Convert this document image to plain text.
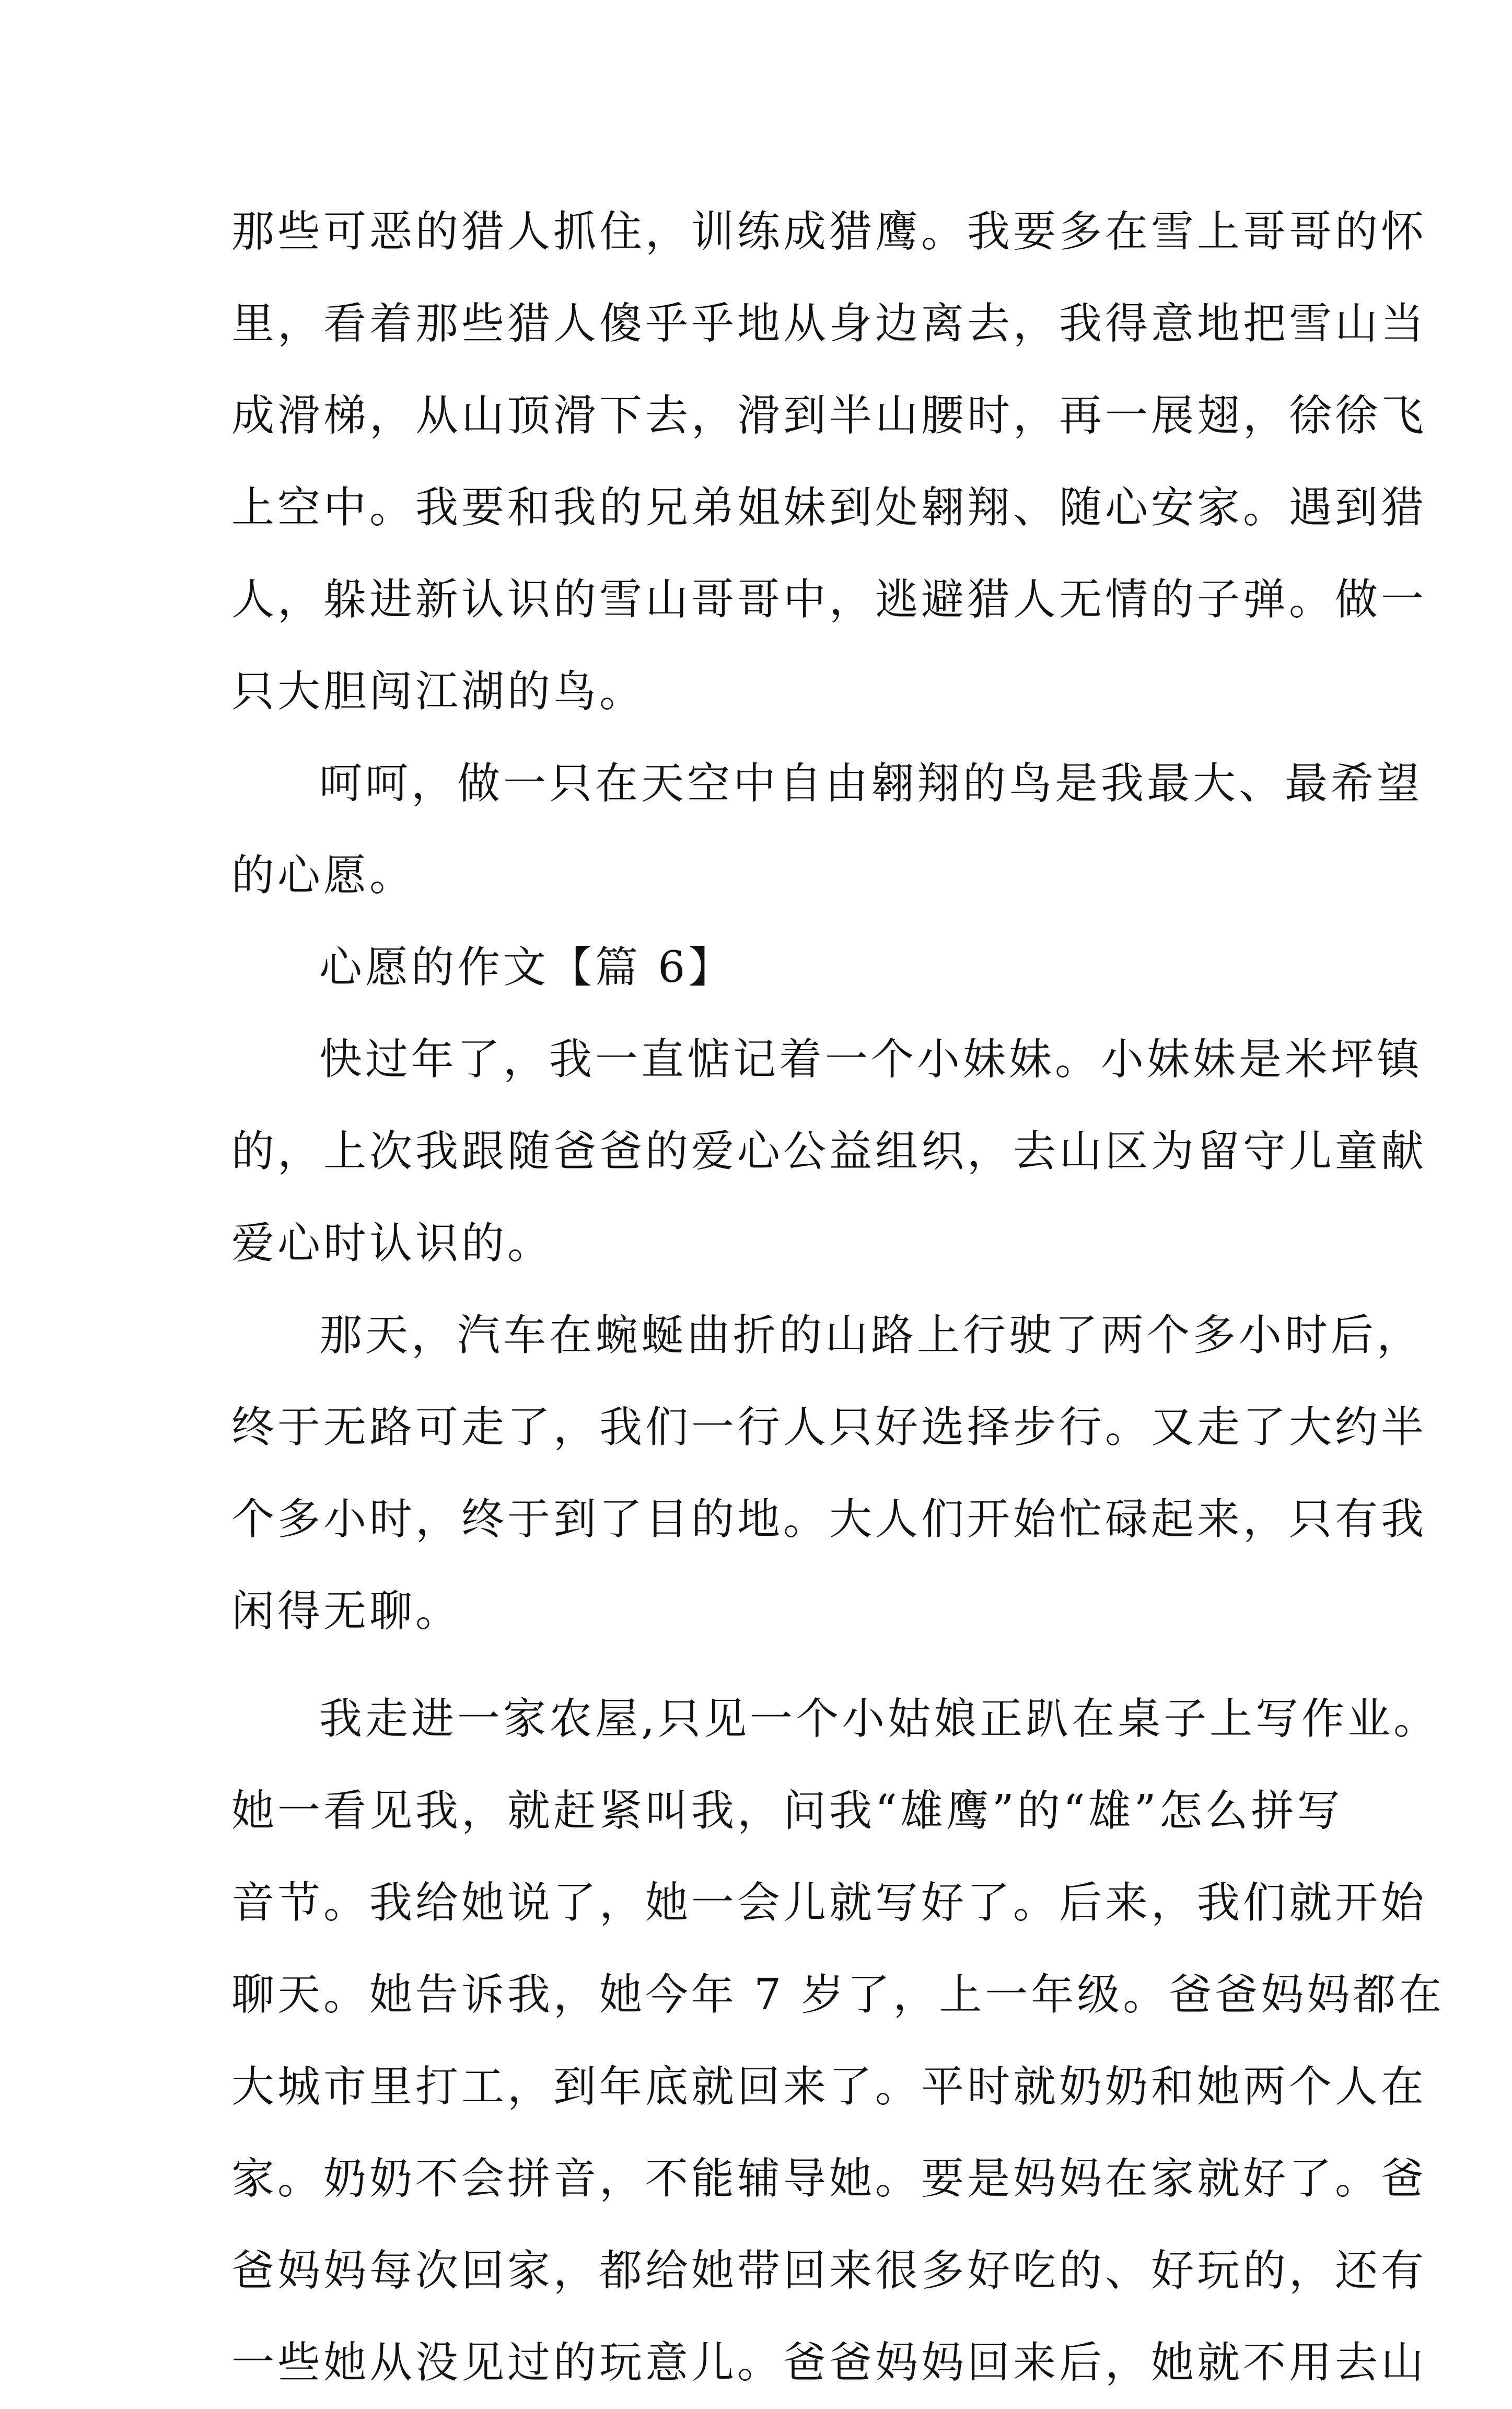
那些可恶的猎人抓住，训练成猎鹰。我要多在雪上哥哥的怀
里，看着那些猎人傻乎乎地从身边离去，我得意地把雪山当
成滑梯，从山顶滑下去，滑到半山腰时，再一展翅，徐徐飞
上空中。我要和我的兄弟姐妹到处翱翔、随心安家。遇到猎
人，躲进新认识的雪山哥哥中，逃避猎人无情的子弹。做一
只大胆闯江湖的鸟。
呵呵，做一只在天空中自由翱翔的鸟是我最大、最希望
的心愿。
心愿的作文【篇 6】
快过年了，我一直惦记着一个小妹妹。小妹妹是米坪镇
的，上次我跟随爸爸的爱心公益组织，去山区为留守儿童献
爱心时认识的。
那天，汽车在蜿蜒曲折的山路上行驶了两个多小时后，
终于无路可走了，我们一行人只好选择步行。又走了大约半
个多小时，终于到了目的地。大人们开始忙碌起来，只有我
闲得无聊。
我走进一家农屋,只见一个小姑娘正趴在桌子上写作业。
她一看见我，就赶紧叫我，问我“雄鹰”的“雄”怎么拼写
音节。我给她说了，她一会儿就写好了。后来，我们就开始
聊天。她告诉我，她今年 7 岁了，上一年级。爸爸妈妈都在
大城市里打工，到年底就回来了。平时就奶奶和她两个人在
家。奶奶不会拼音，不能辅导她。要是妈妈在家就好了。爸
爸妈妈每次回家，都给她带回来很多好吃的、好玩的，还有
一些她从没见过的玩意儿。爸爸妈妈回来后，她就不用去山
